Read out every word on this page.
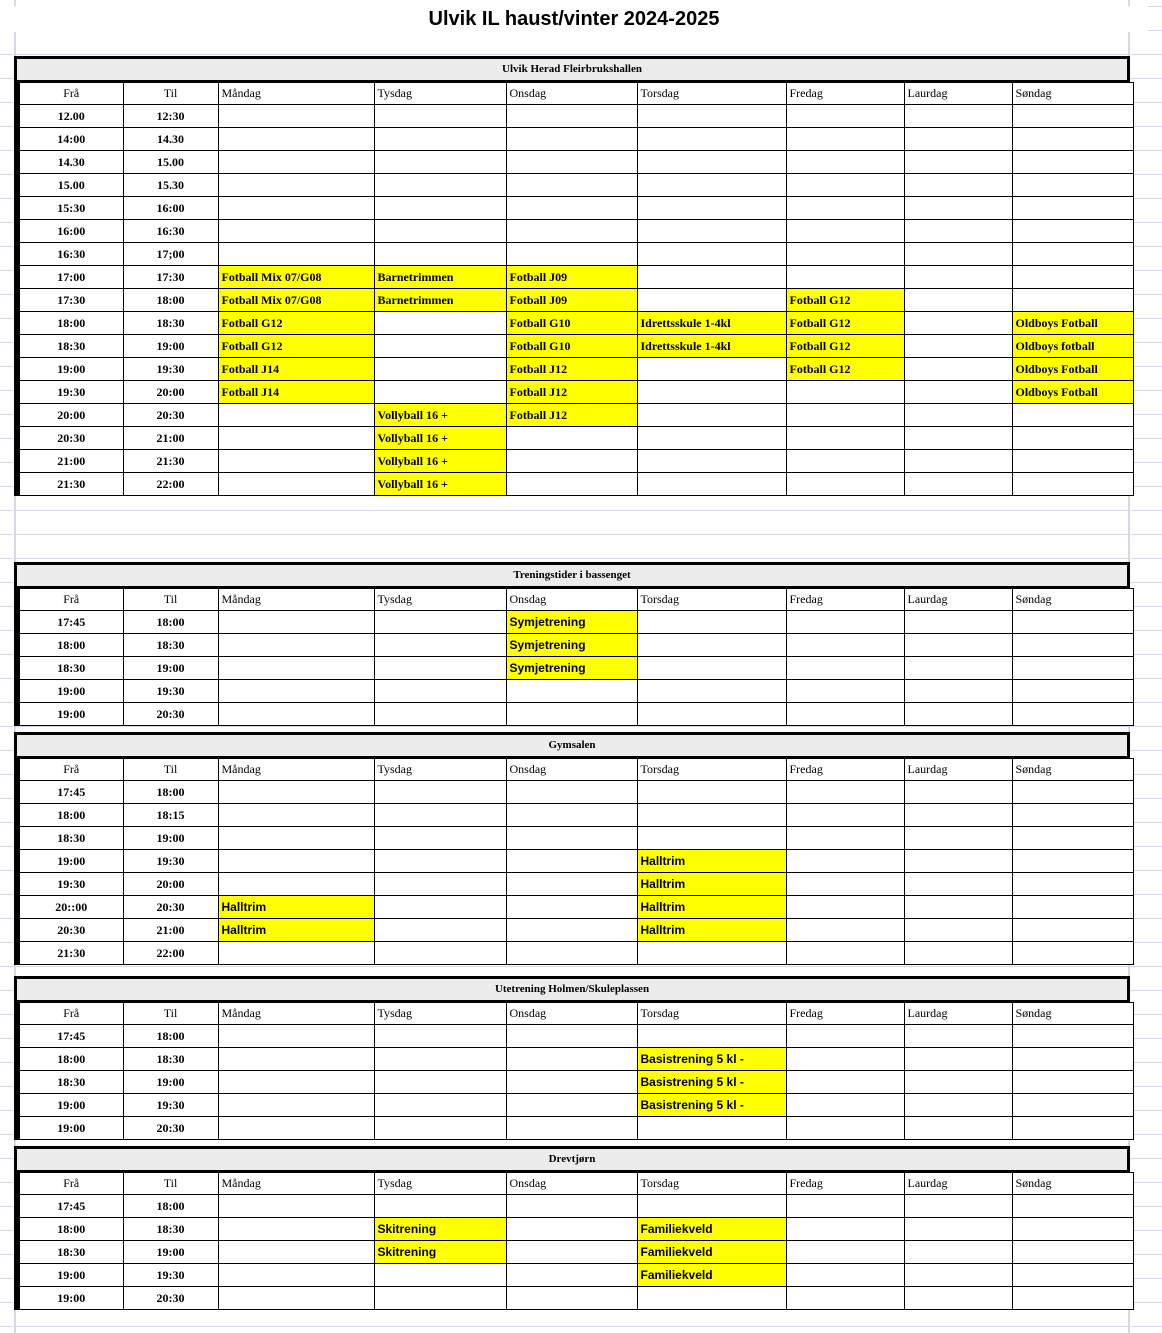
Ulvik IL haust/vinter 2024-2025
Ulvik Herad Fleirbrukshallen
Frå	Til	Måndag	Tysdag	Onsdag	Torsdag	Fredag	Laurdag	Søndag
12.00	12:30							
14:00	14.30							
14.30	15.00							
15.00	15.30							
15:30	16:00							
16:00	16:30							
16:30	17;00							
17:00	17:30	Fotball Mix 07/G08	Barnetrimmen	Fotball J09				
17:30	18:00	Fotball Mix 07/G08	Barnetrimmen	Fotball J09		Fotball G12		
18:00	18:30	Fotball G12		Fotball G10	Idrettsskule 1-4kl	Fotball G12		Oldboys Fotball
18:30	19:00	Fotball G12		Fotball G10	Idrettsskule 1-4kl	Fotball G12		Oldboys fotball
19:00	19:30	Fotball J14		Fotball J12		Fotball G12		Oldboys Fotball
19:30	20:00	Fotball J14		Fotball J12				Oldboys Fotball
20:00	20:30		Vollyball 16 +	Fotball J12				
20:30	21:00		Vollyball 16 +					
21:00	21:30		Vollyball 16 +					
21:30	22:00		Vollyball 16 +					
Treningstider i bassenget
Frå	Til	Måndag	Tysdag	Onsdag	Torsdag	Fredag	Laurdag	Søndag
17:45	18:00			Symjetrening				
18:00	18:30			Symjetrening				
18:30	19:00			Symjetrening				
19:00	19:30							
19:00	20:30							
Gymsalen
Frå	Til	Måndag	Tysdag	Onsdag	Torsdag	Fredag	Laurdag	Søndag
17:45	18:00							
18:00	18:15							
18:30	19:00							
19:00	19:30				Halltrim			
19:30	20:00				Halltrim			
20::00	20:30	Halltrim			Halltrim			
20:30	21:00	Halltrim			Halltrim			
21:30	22:00							
Utetrening Holmen/Skuleplassen
Frå	Til	Måndag	Tysdag	Onsdag	Torsdag	Fredag	Laurdag	Søndag
17:45	18:00							
18:00	18:30				Basistrening 5 kl -			
18:30	19:00				Basistrening 5 kl -			
19:00	19:30				Basistrening 5 kl -			
19:00	20:30							
Drevtjørn
Frå	Til	Måndag	Tysdag	Onsdag	Torsdag	Fredag	Laurdag	Søndag
17:45	18:00							
18:00	18:30		Skitrening		Familiekveld			
18:30	19:00		Skitrening		Familiekveld			
19:00	19:30				Familiekveld			
19:00	20:30							
